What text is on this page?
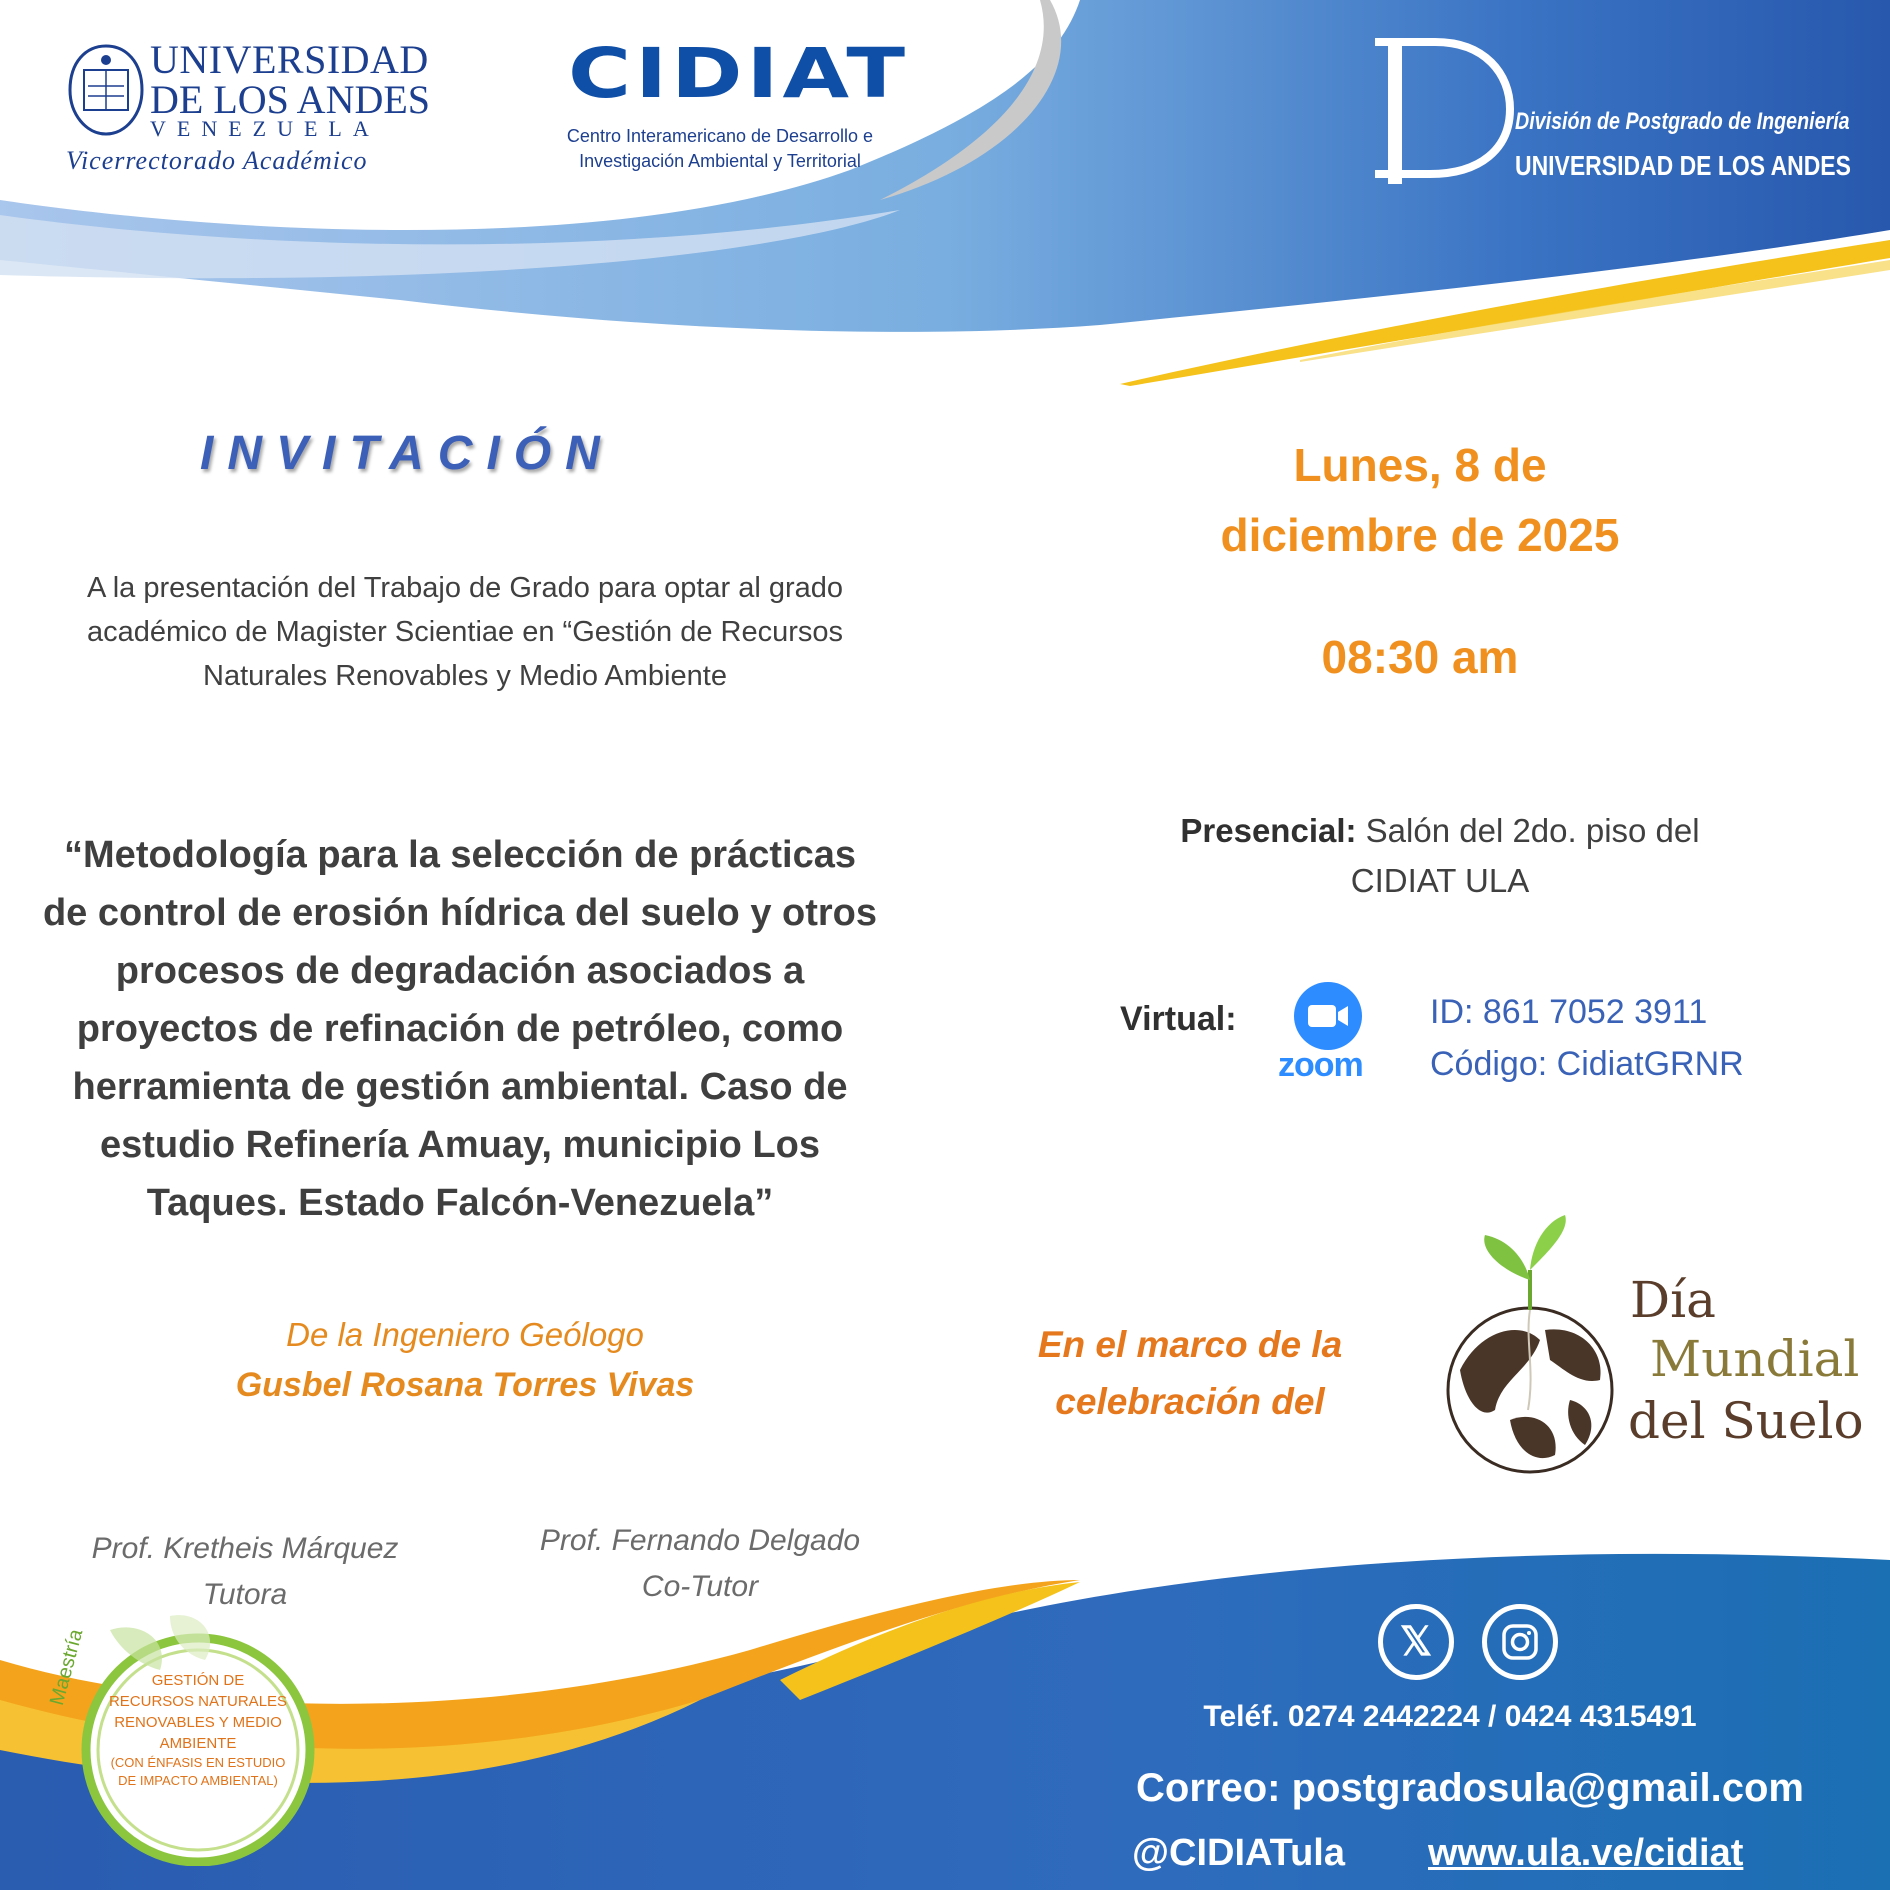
UNIVERSIDAD
DE LOS ANDES
VENEZUELA
Vicerrectorado Académico
CIDIAT
Centro Interamericano de Desarrollo e Investigación Ambiental y Territorial
División de Postgrado de Ingeniería
UNIVERSIDAD DE LOS ANDES
INVITACIÓN
A la presentación del Trabajo de Grado para optar al grado académico de Magister Scientiae en “Gestión de Recursos Naturales Renovables y Medio Ambiente
“Metodología para la selección de prácticas de control de erosión hídrica del suelo y otros procesos de degradación asociados a proyectos de refinación de petróleo, como herramienta de gestión ambiental. Caso de estudio Refinería Amuay, municipio Los Taques. Estado Falcón-Venezuela”
De la Ingeniero Geólogo
Gusbel Rosana Torres Vivas
Prof. Kretheis Márquez
Tutora
Prof. Fernando Delgado
Co-Tutor
Maestría	GESTIÓN DE RECURSOS NATURALES RENOVABLES Y MEDIO AMBIENTE
(CON ÉNFASIS EN ESTUDIO DE IMPACTO AMBIENTAL)
Lunes, 8 de
diciembre de 2025
08:30 am
Presencial: Salón del 2do. piso del
CIDIAT ULA
Virtual:
zoom
ID: 861 7052 3911
Código: CidiatGRNR
En el marco de la
celebración del
Día
Mundial
del Suelo
𝕏
Teléf. 0274 2442224 / 0424 4315491
Correo: postgradosula@gmail.com
@CIDIATula www.ula.ve/cidiat
